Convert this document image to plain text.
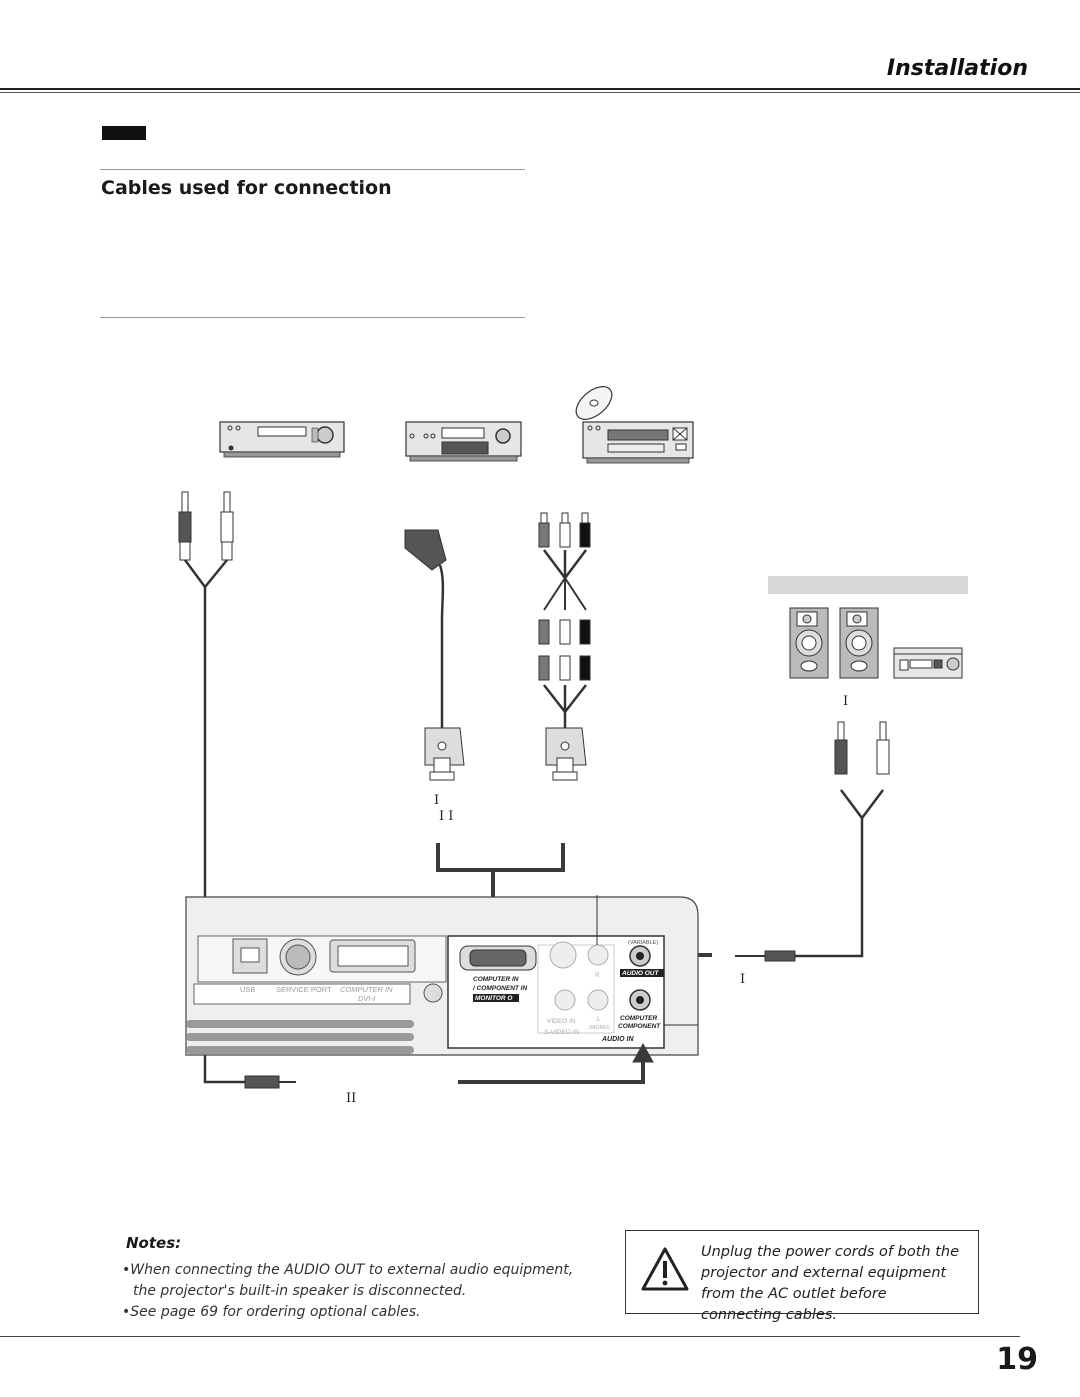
Installation
Cables used for connection
USB	SERVICE PORT COMPUTER IN
DVI-I
COMPUTER IN
/ COMPONENT IN
MONITOR O
(VARIABLE)
AUDIO OUT
VIDEO IN
S-VIDEO IN
L
R
(MONO)
COMPUTER
COMPONENT
AUDIO IN
I
I
I I
I
II
Notes:
•When connecting the AUDIO OUT to external audio equipment,
the projector's built-in speaker is disconnected.
•See page 69 for ordering optional cables.
Unplug the power cords of both the projector and external equipment from the AC outlet before connecting cables.
19
